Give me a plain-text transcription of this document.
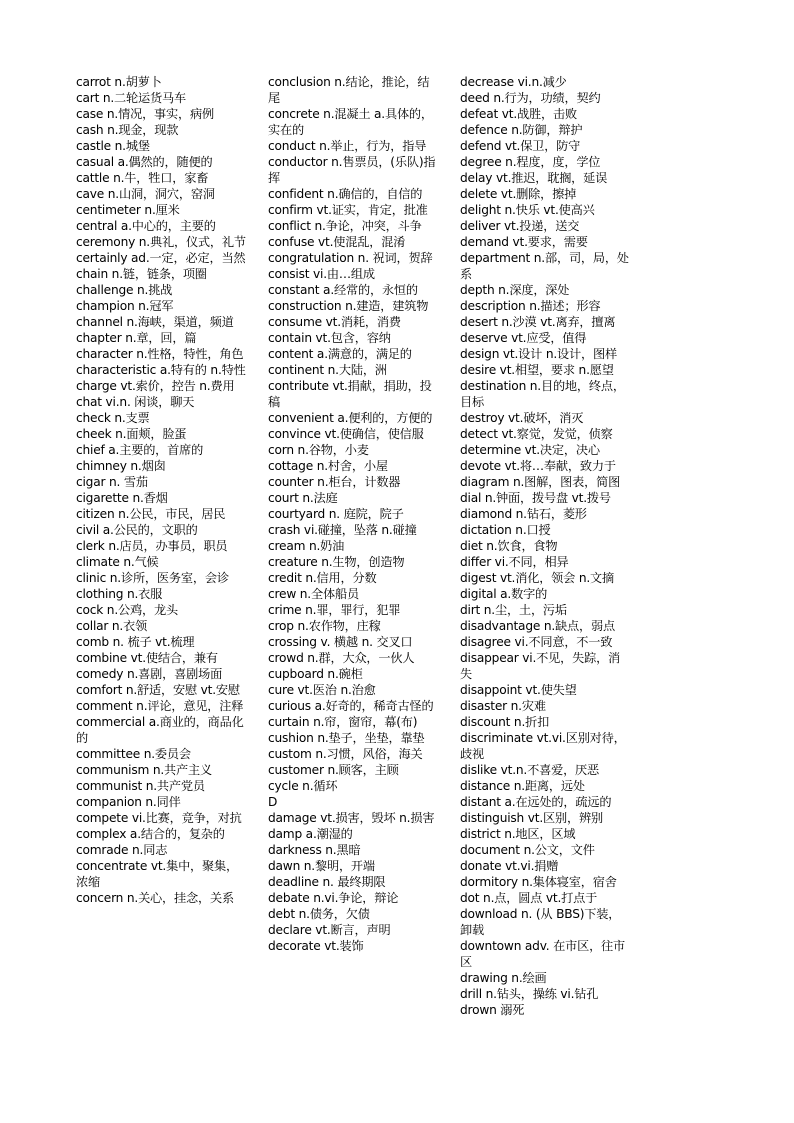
carrot n.胡萝卜
cart n.二轮运货马车
case n.情况，事实，病例
cash n.现金，现款
castle n.城堡
casual a.偶然的，随便的
cattle n.牛，牲口，家畜
cave n.山洞，洞穴，窑洞
centimeter n.厘米
central a.中心的，主要的
ceremony n.典礼，仪式，礼节
certainly ad.一定，必定，当然
chain n.链，链条，项圈
challenge n.挑战
champion n.冠军
channel n.海峡，渠道，频道
chapter n.章，回，篇
character n.性格，特性，角色 characteristic a.特有的 n.特性
charge vt.索价，控告 n.费用
chat vi.n. 闲谈，聊天
check n.支票
cheek n.面颊，脸蛋
chief a.主要的，首席的
chimney n.烟囱
cigar n. 雪茄
cigarette n.香烟
citizen n.公民，市民，居民
civil a.公民的，文职的
clerk n.店员，办事员，职员
climate n.气候
clinic n.诊所，医务室，会诊
clothing n.衣服
cock n.公鸡，龙头
collar n.衣领
comb n. 梳子 vt.梳理
combine vt.使结合，兼有
comedy n.喜剧，喜剧场面
comfort n.舒适，安慰 vt.安慰
comment n.评论，意见，注释
commercial a.商业的，商品化的
committee n.委员会
communism n.共产主义
communist n.共产党员
companion n.同伴
compete vi.比赛，竞争，对抗
complex a.结合的，复杂的
comrade n.同志
concentrate vt.集中，聚集，浓缩
concern n.关心，挂念，关系
conclusion n.结论，推论，结尾
concrete n.混凝土 a.具体的，实在的
conduct n.举止，行为，指导
conductor n.售票员，(乐队)指挥
confident n.确信的，自信的
confirm vt.证实，肯定，批准
conflict n.争论，冲突，斗争
confuse vt.使混乱，混淆
congratulation n. 祝词，贺辞
consist vi.由…组成
constant a.经常的，永恒的
construction n.建造，建筑物
consume vt.消耗，消费
contain vt.包含，容纳
content a.满意的，满足的
continent n.大陆，洲
contribute vt.捐献，捐助，投稿
convenient a.便利的，方便的
convince vt.使确信，使信服
corn n.谷物，小麦
cottage n.村舍，小屋
counter n.柜台，计数器
court n.法庭
courtyard n. 庭院，院子
crash vi.碰撞，坠落 n.碰撞
cream n.奶油
creature n.生物，创造物
credit n.信用，分数
crew n.全体船员
crime n.罪，罪行，犯罪
crop n.农作物，庄稼
crossing v. 横越 n. 交叉口
crowd n.群，大众，一伙人
cupboard n.碗柜
cure vt.医治 n.治愈
curious a.好奇的，稀奇古怪的
curtain n.帘，窗帘，幕(布)
cushion n.垫子，坐垫，靠垫
custom n.习惯，风俗，海关
customer n.顾客，主顾
cycle n.循环
D
damage vt.损害，毁坏 n.损害
damp a.潮湿的
darkness n.黑暗
dawn n.黎明，开端
deadline n. 最终期限
debate n.vi.争论，辩论
debt n.债务，欠债
declare vt.断言，声明
decorate vt.装饰
decrease vi.n.减少
deed n.行为，功绩，契约
defeat vt.战胜，击败
defence n.防御，辩护
defend vt.保卫，防守
degree n.程度，度，学位
delay vt.推迟，耽搁，延误
delete vt.删除，擦掉
delight n.快乐 vt.使高兴
deliver vt.投递，送交
demand vt.要求，需要
department n.部，司，局，处系
depth n.深度，深处
description n.描述；形容
desert n.沙漠 vt.离弃，擅离
deserve vt.应受，值得
design vt.设计 n.设计，图样
desire vt.相望，要求 n.愿望
destination n.目的地，终点，目标
destroy vt.破坏，消灭
detect vt.察觉，发觉，侦察
determine vt.决定，决心
devote vt.将…奉献，致力于
diagram n.图解，图表，简图
dial n.钟面，拨号盘 vt.拨号
diamond n.钻石，菱形
dictation n.口授
diet n.饮食，食物
differ vi.不同，相异
digest vt.消化，领会 n.文摘
digital a.数字的
dirt n.尘，土，污垢
disadvantage n.缺点，弱点
disagree vi.不同意，不一致
disappear vi.不见，失踪，消失
disappoint vt.使失望
disaster n.灾难
discount n.折扣
discriminate vt.vi.区别对待，歧视
dislike vt.n.不喜爱，厌恶
distance n.距离，远处
distant a.在远处的，疏远的
distinguish vt.区别，辨别
district n.地区，区域
document n.公文，文件
donate vt.vi.捐赠
dormitory n.集体寝室，宿舍
dot n.点，圆点 vt.打点于
download n. (从 BBS)下装，卸载
downtown adv. 在市区，往市区
drawing n.绘画
drill n.钻头，操练 vi.钻孔
drown 溺死
